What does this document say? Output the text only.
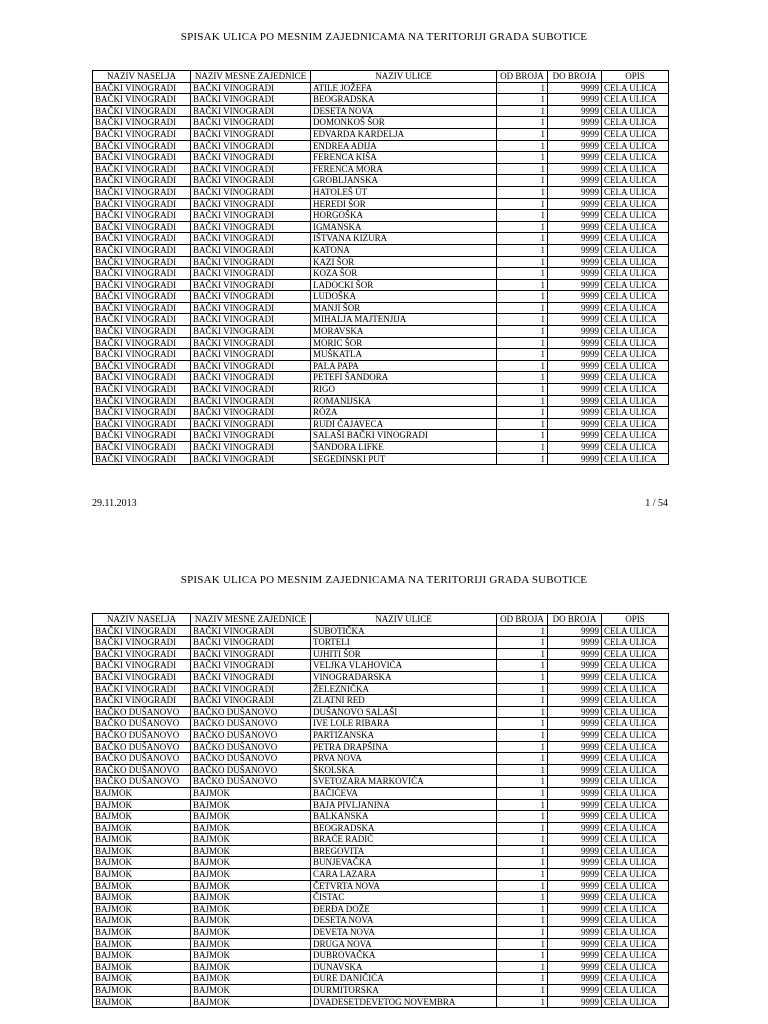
SPISAK ULICA PO MESNIM ZAJEDNICAMA NA TERITORIJI GRADA SUBOTICE
NAZIV NASELJA	NAZIV MESNE ZAJEDNICE	NAZIV ULICE	OD BROJA	DO BROJA	OPIS
BAČKI VINOGRADI	BAČKI VINOGRADI	ATILE JOŽEFA	1	9999	CELA ULICA
BAČKI VINOGRADI	BAČKI VINOGRADI	BEOGRADSKA	1	9999	CELA ULICA
BAČKI VINOGRADI	BAČKI VINOGRADI	DESETA NOVA	1	9999	CELA ULICA
BAČKI VINOGRADI	BAČKI VINOGRADI	DOMONKOŠ ŠOR	1	9999	CELA ULICA
BAČKI VINOGRADI	BAČKI VINOGRADI	EDVARDA KARDELJA	1	9999	CELA ULICA
BAČKI VINOGRADI	BAČKI VINOGRADI	ENDREA ADIJA	1	9999	CELA ULICA
BAČKI VINOGRADI	BAČKI VINOGRADI	FERENCA KIŠA	1	9999	CELA ULICA
BAČKI VINOGRADI	BAČKI VINOGRADI	FERENCA MORA	1	9999	CELA ULICA
BAČKI VINOGRADI	BAČKI VINOGRADI	GROBLJANSKA	1	9999	CELA ULICA
BAČKI VINOGRADI	BAČKI VINOGRADI	HATOLEŠ ÚT	1	9999	CELA ULICA
BAČKI VINOGRADI	BAČKI VINOGRADI	HEREDI ŠOR	1	9999	CELA ULICA
BAČKI VINOGRADI	BAČKI VINOGRADI	HORGOŠKA	1	9999	CELA ULICA
BAČKI VINOGRADI	BAČKI VINOGRADI	IGMANSKA	1	9999	CELA ULICA
BAČKI VINOGRADI	BAČKI VINOGRADI	IŠTVANA KIZURA	1	9999	CELA ULICA
BAČKI VINOGRADI	BAČKI VINOGRADI	KATONA	1	9999	CELA ULICA
BAČKI VINOGRADI	BAČKI VINOGRADI	KAZI ŠOR	1	9999	CELA ULICA
BAČKI VINOGRADI	BAČKI VINOGRADI	KOZA ŠOR	1	9999	CELA ULICA
BAČKI VINOGRADI	BAČKI VINOGRADI	LADOCKI ŠOR	1	9999	CELA ULICA
BAČKI VINOGRADI	BAČKI VINOGRADI	LUDOŠKA	1	9999	CELA ULICA
BAČKI VINOGRADI	BAČKI VINOGRADI	MANJI ŠOR	1	9999	CELA ULICA
BAČKI VINOGRADI	BAČKI VINOGRADI	MIHALJA MAJTENJIJA	1	9999	CELA ULICA
BAČKI VINOGRADI	BAČKI VINOGRADI	MORAVSKA	1	9999	CELA ULICA
BAČKI VINOGRADI	BAČKI VINOGRADI	MORIC ŠOR	1	9999	CELA ULICA
BAČKI VINOGRADI	BAČKI VINOGRADI	MUŠKATLA	1	9999	CELA ULICA
BAČKI VINOGRADI	BAČKI VINOGRADI	PALA PAPA	1	9999	CELA ULICA
BAČKI VINOGRADI	BAČKI VINOGRADI	PETEFI ŠANDORA	1	9999	CELA ULICA
BAČKI VINOGRADI	BAČKI VINOGRADI	RIGO	1	9999	CELA ULICA
BAČKI VINOGRADI	BAČKI VINOGRADI	ROMANIJSKA	1	9999	CELA ULICA
BAČKI VINOGRADI	BAČKI VINOGRADI	RÓZA	1	9999	CELA ULICA
BAČKI VINOGRADI	BAČKI VINOGRADI	RUDI ČAJAVECA	1	9999	CELA ULICA
BAČKI VINOGRADI	BAČKI VINOGRADI	SALAŠI BAČKI VINOGRADI	1	9999	CELA ULICA
BAČKI VINOGRADI	BAČKI VINOGRADI	ŠANDORA LIFKE	1	9999	CELA ULICA
BAČKI VINOGRADI	BAČKI VINOGRADI	SEGEDINSKI PUT	1	9999	CELA ULICA
29.11.2013	1 / 54
SPISAK ULICA PO MESNIM ZAJEDNICAMA NA TERITORIJI GRADA SUBOTICE
NAZIV NASELJA	NAZIV MESNE ZAJEDNICE	NAZIV ULICE	OD BROJA	DO BROJA	OPIS
BAČKI VINOGRADI	BAČKI VINOGRADI	SUBOTIČKA	1	9999	CELA ULICA
BAČKI VINOGRADI	BAČKI VINOGRADI	TORTELI	1	9999	CELA ULICA
BAČKI VINOGRADI	BAČKI VINOGRADI	UJHITI ŠOR	1	9999	CELA ULICA
BAČKI VINOGRADI	BAČKI VINOGRADI	VELJKA VLAHOVIĆA	1	9999	CELA ULICA
BAČKI VINOGRADI	BAČKI VINOGRADI	VINOGRADARSKA	1	9999	CELA ULICA
BAČKI VINOGRADI	BAČKI VINOGRADI	ŽELEZNIČKA	1	9999	CELA ULICA
BAČKI VINOGRADI	BAČKI VINOGRADI	ZLATNI RED	1	9999	CELA ULICA
BAČKO DUŠANOVO	BAČKO DUŠANOVO	DUŠANOVO SALAŠI	1	9999	CELA ULICA
BAČKO DUŠANOVO	BAČKO DUŠANOVO	IVE LOLE RIBARA	1	9999	CELA ULICA
BAČKO DUŠANOVO	BAČKO DUŠANOVO	PARTIZANSKA	1	9999	CELA ULICA
BAČKO DUŠANOVO	BAČKO DUŠANOVO	PETRA DRAPŠINA	1	9999	CELA ULICA
BAČKO DUŠANOVO	BAČKO DUŠANOVO	PRVA NOVA	1	9999	CELA ULICA
BAČKO DUŠANOVO	BAČKO DUŠANOVO	ŠKOLSKA	1	9999	CELA ULICA
BAČKO DUŠANOVO	BAČKO DUŠANOVO	SVETOZARA MARKOVIĆA	1	9999	CELA ULICA
BAJMOK	BAJMOK	BAČIĆEVA	1	9999	CELA ULICA
BAJMOK	BAJMOK	BAJA PIVLJANINA	1	9999	CELA ULICA
BAJMOK	BAJMOK	BALKANSKA	1	9999	CELA ULICA
BAJMOK	BAJMOK	BEOGRADSKA	1	9999	CELA ULICA
BAJMOK	BAJMOK	BRAĆE RADIĆ	1	9999	CELA ULICA
BAJMOK	BAJMOK	BREGOVITA	1	9999	CELA ULICA
BAJMOK	BAJMOK	BUNJEVAČKA	1	9999	CELA ULICA
BAJMOK	BAJMOK	CARA LAZARA	1	9999	CELA ULICA
BAJMOK	BAJMOK	ČETVRTA NOVA	1	9999	CELA ULICA
BAJMOK	BAJMOK	ČISTAC	1	9999	CELA ULICA
BAJMOK	BAJMOK	ĐERĐA DOŽE	1	9999	CELA ULICA
BAJMOK	BAJMOK	DESETA NOVA	1	9999	CELA ULICA
BAJMOK	BAJMOK	DEVETA NOVA	1	9999	CELA ULICA
BAJMOK	BAJMOK	DRUGA NOVA	1	9999	CELA ULICA
BAJMOK	BAJMOK	DUBROVAČKA	1	9999	CELA ULICA
BAJMOK	BAJMOK	DUNAVSKA	1	9999	CELA ULICA
BAJMOK	BAJMOK	ĐURE DANIČIĆA	1	9999	CELA ULICA
BAJMOK	BAJMOK	DURMITORSKA	1	9999	CELA ULICA
BAJMOK	BAJMOK	DVADESETDEVETOG NOVEMBRA	1	9999	CELA ULICA
